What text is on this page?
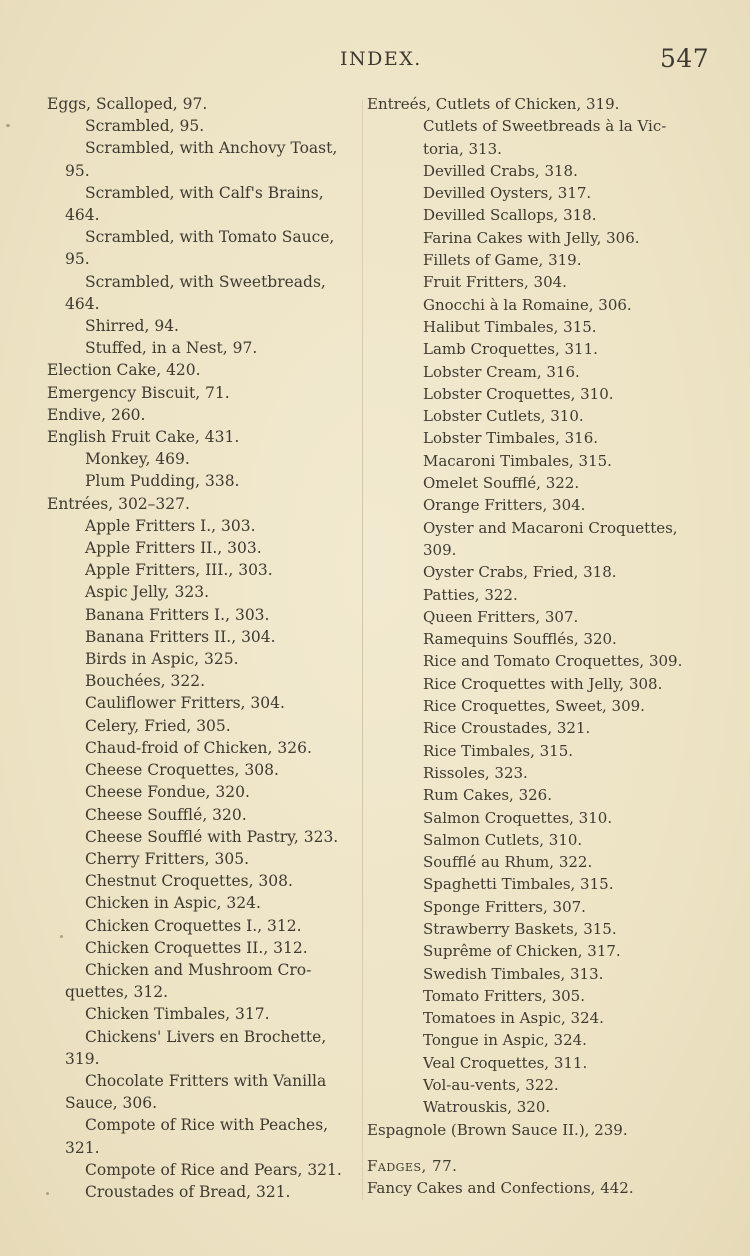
INDEX.	547
Eggs, Scalloped, 97.
Scrambled, 95.
Scrambled, with Anchovy Toast,
95.
Scrambled, with Calf's Brains,
464.
Scrambled, with Tomato Sauce,
95.
Scrambled, with Sweetbreads,
464.
Shirred, 94.
Stuffed, in a Nest, 97.
Election Cake, 420.
Emergency Biscuit, 71.
Endive, 260.
English Fruit Cake, 431.
Monkey, 469.
Plum Pudding, 338.
Entrées, 302–327.
Apple Fritters I., 303.
Apple Fritters II., 303.
Apple Fritters, III., 303.
Aspic Jelly, 323.
Banana Fritters I., 303.
Banana Fritters II., 304.
Birds in Aspic, 325.
Bouchées, 322.
Cauliflower Fritters, 304.
Celery, Fried, 305.
Chaud-froid of Chicken, 326.
Cheese Croquettes, 308.
Cheese Fondue, 320.
Cheese Soufflé, 320.
Cheese Soufflé with Pastry, 323.
Cherry Fritters, 305.
Chestnut Croquettes, 308.
Chicken in Aspic, 324.
Chicken Croquettes I., 312.
Chicken Croquettes II., 312.
Chicken and Mushroom Cro-
quettes, 312.
Chicken Timbales, 317.
Chickens' Livers en Brochette,
319.
Chocolate Fritters with Vanilla
Sauce, 306.
Compote of Rice with Peaches,
321.
Compote of Rice and Pears, 321.
Croustades of Bread, 321.
Entreés, Cutlets of Chicken, 319.
Cutlets of Sweetbreads à la Vic-
toria, 313.
Devilled Crabs, 318.
Devilled Oysters, 317.
Devilled Scallops, 318.
Farina Cakes with Jelly, 306.
Fillets of Game, 319.
Fruit Fritters, 304.
Gnocchi à la Romaine, 306.
Halibut Timbales, 315.
Lamb Croquettes, 311.
Lobster Cream, 316.
Lobster Croquettes, 310.
Lobster Cutlets, 310.
Lobster Timbales, 316.
Macaroni Timbales, 315.
Omelet Soufflé, 322.
Orange Fritters, 304.
Oyster and Macaroni Croquettes,
309.
Oyster Crabs, Fried, 318.
Patties, 322.
Queen Fritters, 307.
Ramequins Soufflés, 320.
Rice and Tomato Croquettes, 309.
Rice Croquettes with Jelly, 308.
Rice Croquettes, Sweet, 309.
Rice Croustades, 321.
Rice Timbales, 315.
Rissoles, 323.
Rum Cakes, 326.
Salmon Croquettes, 310.
Salmon Cutlets, 310.
Soufflé au Rhum, 322.
Spaghetti Timbales, 315.
Sponge Fritters, 307.
Strawberry Baskets, 315.
Suprême of Chicken, 317.
Swedish Timbales, 313.
Tomato Fritters, 305.
Tomatoes in Aspic, 324.
Tongue in Aspic, 324.
Veal Croquettes, 311.
Vol-au-vents, 322.
Watrouskis, 320.
Espagnole (Brown Sauce II.), 239.
Fadges, 77.
Fancy Cakes and Confections, 442.
